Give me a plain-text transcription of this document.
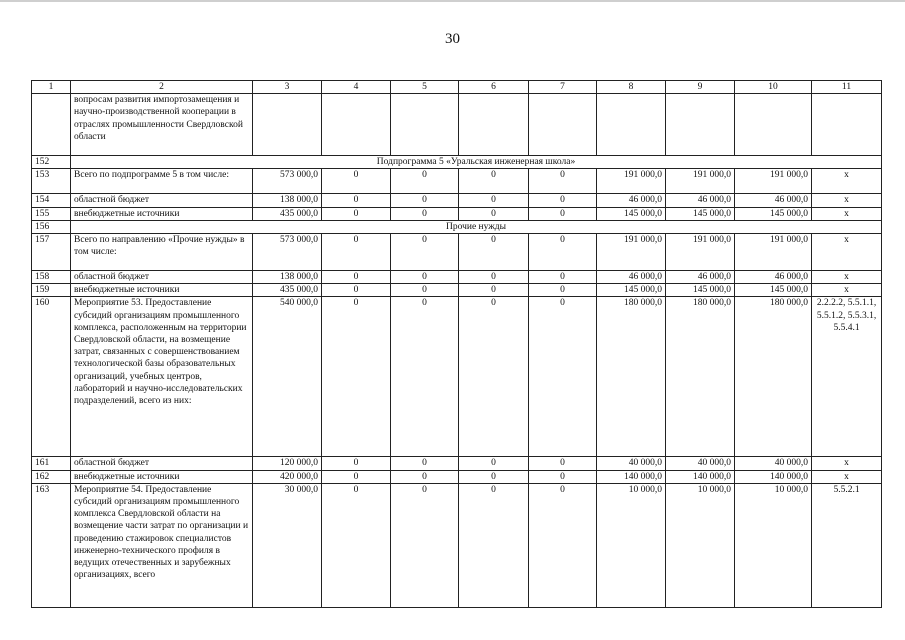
30
1	2	3	4	5	6	7	8	9	10	11
	вопросам развития импортозамещения и научно-производственной кооперации в отраслях промышленности Свердловской области									
152	Подпрограмма 5 «Уральская инженерная школа»									
153	Всего по подпрограмме 5 в том числе:	573 000,0	0	0	0	0	191 000,0	191 000,0	191 000,0	x
154	областной бюджет	138 000,0	0	0	0	0	46 000,0	46 000,0	46 000,0	x
155	внебюджетные источники	435 000,0	0	0	0	0	145 000,0	145 000,0	145 000,0	x
156	Прочие нужды									
157	Всего по направлению «Прочие нужды» в том числе:	573 000,0	0	0	0	0	191 000,0	191 000,0	191 000,0	x
158	областной бюджет	138 000,0	0	0	0	0	46 000,0	46 000,0	46 000,0	x
159	внебюджетные источники	435 000,0	0	0	0	0	145 000,0	145 000,0	145 000,0	x
160	Мероприятие 53. Предоставление субсидий организациям промышленного комплекса, расположенным на территории Свердловской области, на возмещение затрат, связанных с совершенствованием технологической базы образовательных организаций, учебных центров, лабораторий и научно-исследовательских подразделений, всего из них:	540 000,0	0	0	0	0	180 000,0	180 000,0	180 000,0	2.2.2.2, 5.5.1.1, 5.5.1.2, 5.5.3.1, 5.5.4.1
161	областной бюджет	120 000,0	0	0	0	0	40 000,0	40 000,0	40 000,0	x
162	внебюджетные источники	420 000,0	0	0	0	0	140 000,0	140 000,0	140 000,0	x
163	Мероприятие 54. Предоставление субсидий организациям промышленного комплекса Свердловской области на возмещение части затрат по организации и проведению стажировок специалистов инженерно-технического профиля в ведущих отечественных и зарубежных организациях, всего	30 000,0	0	0	0	0	10 000,0	10 000,0	10 000,0	5.5.2.1
